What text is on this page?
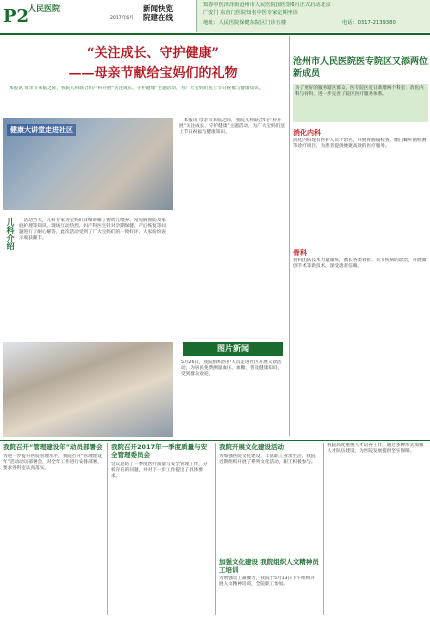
P2
人民医院
2017年6月
新闻快览
院建在线
知春中医泽泽街沧州市人民医院国医馆6月正式启动北京
广安门 东直门医院知名中医专家定期坐诊
地址：人民医院保健东院区门诊五楼	电话：0317-2139380
“关注成长、守护健康”
——母亲节献给宝妈们的礼物
本报讯 母亲节来临之际，我院儿科联合妇产科开展“关注成长、守护健康”主题活动，为广大宝妈们送上节日祝福与健康知识。
健康大讲堂走进社区
儿科介绍	活动当天，儿科专家为宝妈们详细讲解了婴幼儿喂养、常见病预防及家庭护理等知识，现场互动热烈。妇产科医生针对孕期保健、产后恢复等问题进行了耐心解答。此次活动受到了广大宝妈们的一致好评，大家纷纷表示收获颇丰。

本报讯 母亲节来临之际，我院儿科联合妇产科开展“关注成长、守护健康”主题活动，为广大宝妈们送上节日祝福与健康知识。

沧州市人民医院医专院区又添两位新成员
为了更好的服务辖区群众，医专院区近日新增两个科室：消化内科与骨科，进一步完善了院区医疗服务体系。
消化内科
消化内科现有医护人员十余名，开展胃肠镜检查、幽门螺杆菌检测等诊疗项目，为患者提供便捷高效的医疗服务。
骨科
骨科团队技术力量雄厚，擅长各类骨折、关节疾病的诊治，开展微创手术等新技术，深受患者信赖。
图片新闻
5月26日，我院组织医护人员走进社区开展义诊活动，为居民免费测量血压、血糖，普及健康知识，受到群众欢迎。
我院召开“管理建设年”动员部署会
为进一步提升医院管理水平，我院召开“管理建设年”活动动员部署会，对全年工作进行安排部署，要求各科室认真落实。
我院召开2017年一季度质量与安全管理委员会
会议总结了一季度医疗质量与安全管理工作，分析存在的问题，并对下一步工作提出了具体要求。
我院开展文化建设活动
为加强医院文化建设，丰富职工业余生活，我院近期组织开展了系列文化活动，职工积极参与。
加强文化建设 我院组织人文精神员工培训
为增强员工凝聚力，我院于5月13日下午组织开展人文精神培训，全院职工参加。
我院高度重视人才培养工作，通过多种形式加强人才队伍建设，为医院发展提供坚实保障。
